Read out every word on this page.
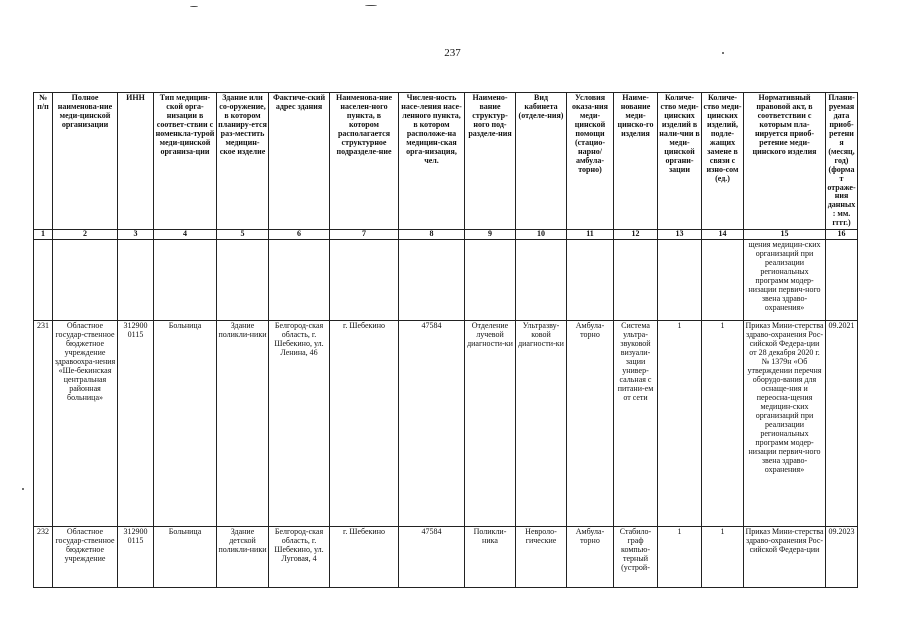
237
№ п/п	Полное наименова-ние меди-цинской организации	ИНН	Тип медицин-ской орга-низации в соответ-ствии с номенкла-турой меди-цинской организа-ции	Здание или со-оружение, в котором планиру-ется раз-местить медицин-ское изделие	Фактиче-ский адрес здания	Наименова-ние населен-ного пункта, в котором располагается структурное подразделе-ние	Числен-ность насе-ления насе-ленного пункта, в котором расположе-на медицин-ская орга-низация, чел.	Наимено-вание структур-ного под-разделе-ния	Вид кабинета (отделе-ния)	Условия оказа-ния меди-цинской помощи (стацио-нарно/ амбула-торно)	Наиме-нование меди-цинско-го изделия	Количе-ство меди-цинских изделий в нали-чии в меди-цинской органи-зации	Количе-ство меди-цинских изделий, подле-жащих замене в связи с изно-сом (ед.)	Нормативный правовой акт, в соответствии с которым пла-нируется приоб-ретение меди-цинского изделия	Плани-руемая дата приоб-ретения (месяц, год) (формат отраже-ния данных: мм. гггг.)
1	2	3	4	5	6	7	8	9	10	11	12	13	14	15	16
														щения медицин-ских организаций при реализации региональных программ модер-низации первич-ного звена здраво-охранения»	
231	Областное государ-ственное бюджетное учреждение здравоохра-нения «Ше-бекинская центральная районная больница»	312900 0115	Больница	Здание поликли-ники	Белгород-ская область, г. Шебекино, ул. Ленина, 46	г. Шебекино	47584	Отделение лучевой диагности-ки	Ультразву-ковой диагности-ки	Амбула-торно	Система ультра-звуковой визуали-зации универ-сальная с питани-ем от сети	1	1	Приказ Мини-стерства здраво-охранения Рос-сийской Федера-ции от 28 декабря 2020 г. № 1379н «Об утверждении перечня оборудо-вания для оснаще-ния и переосна-щения медицин-ских организаций при реализации региональных программ модер-низации первич-ного звена здраво-охранения»	09.2021
232	Областное государ-ственное бюджетное учреждение	312900 0115	Больница	Здание детской поликли-ники	Белгород-ская область, г. Шебекино, ул. Луговая, 4	г. Шебекино	47584	Поликли-ника	Невроло-гические	Амбула-торно	Стабило-граф компью-терный (устрой-	1	1	Приказ Мини-стерства здраво-охранения Рос-сийской Федера-ции	09.2023
